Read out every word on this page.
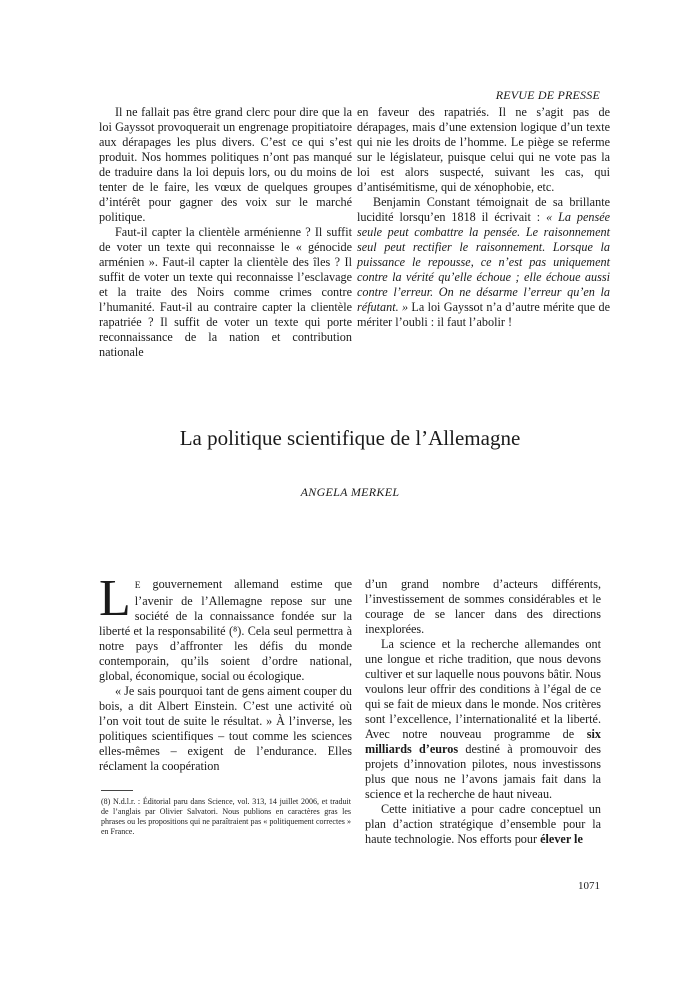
REVUE DE PRESSE

Il ne fallait pas être grand clerc pour dire que la loi Gayssot provoquerait un engrenage propitiatoire aux dérapages les plus divers. C’est ce qui s’est produit. Nos hommes politiques n’ont pas manqué de traduire dans la loi depuis lors, ou du moins de tenter de le faire, les vœux de quelques groupes d’intérêt pour gagner des voix sur le marché politique.

Faut-il capter la clientèle arménienne ? Il suffit de voter un texte qui reconnaisse le « génocide arménien ». Faut-il capter la clientèle des îles ? Il suffit de voter un texte qui reconnaisse l’esclavage et la traite des Noirs comme crimes contre l’humanité. Faut-il au contraire capter la clientèle rapatriée ? Il suffit de voter un texte qui porte reconnaissance de la nation et contribution nationale

en faveur des rapatriés. Il ne s’agit pas de dérapages, mais d’une extension logique d’un texte qui nie les droits de l’homme. Le piège se referme sur le législateur, puisque celui qui ne vote pas la loi est alors suspecté, suivant les cas, qui d’antisémitisme, qui de xénophobie, etc.

Benjamin Constant témoignait de sa brillante lucidité lorsqu’en 1818 il écrivait : « La pensée seule peut combattre la pensée. Le raisonnement seul peut rectifier le raisonnement. Lorsque la puissance le repousse, ce n’est pas uniquement contre la vérité qu’elle échoue ; elle échoue aussi contre l’erreur. On ne désarme l’erreur qu’en la réfutant. » La loi Gayssot n’a d’autre mérite que de mériter l’oubli : il faut l’abolir !

La politique scientifique de l’Allemagne
ANGELA MERKEL

L E gouvernement allemand estime que l’avenir de l’Allemagne repose sur une société de la connaissance fondée sur la liberté et la responsabilité (⁸). Cela seul permettra à notre pays d’affronter les défis du monde contemporain, qu’ils soient d’ordre national, global, économique, social ou écologique.

« Je sais pourquoi tant de gens aiment couper du bois, a dit Albert Einstein. C’est une activité où l’on voit tout de suite le résultat. » À l’inverse, les politiques scientifiques – tout comme les sciences elles-mêmes – exigent de l’endurance. Elles réclament la coopération

d’un grand nombre d’acteurs différents, l’investissement de sommes considérables et le courage de se lancer dans des directions inexplorées.

La science et la recherche allemandes ont une longue et riche tradition, que nous devons cultiver et sur laquelle nous pouvons bâtir. Nous voulons leur offrir des conditions à l’égal de ce qui se fait de mieux dans le monde. Nos critères sont l’excellence, l’internationalité et la liberté. Avec notre nouveau programme de six milliards d’euros destiné à promouvoir des projets d’innovation pilotes, nous investissons plus que nous ne l’avons jamais fait dans la science et la recherche de haut niveau.

Cette initiative a pour cadre conceptuel un plan d’action stratégique d’ensemble pour la haute technologie. Nos efforts pour élever le

(8) N.d.l.r. : Éditorial paru dans Science, vol. 313, 14 juillet 2006, et traduit de l’anglais par Olivier Salvatori. Nous publions en caractères gras les phrases ou les propositions qui ne paraîtraient pas « politiquement correctes » en France.
1071
